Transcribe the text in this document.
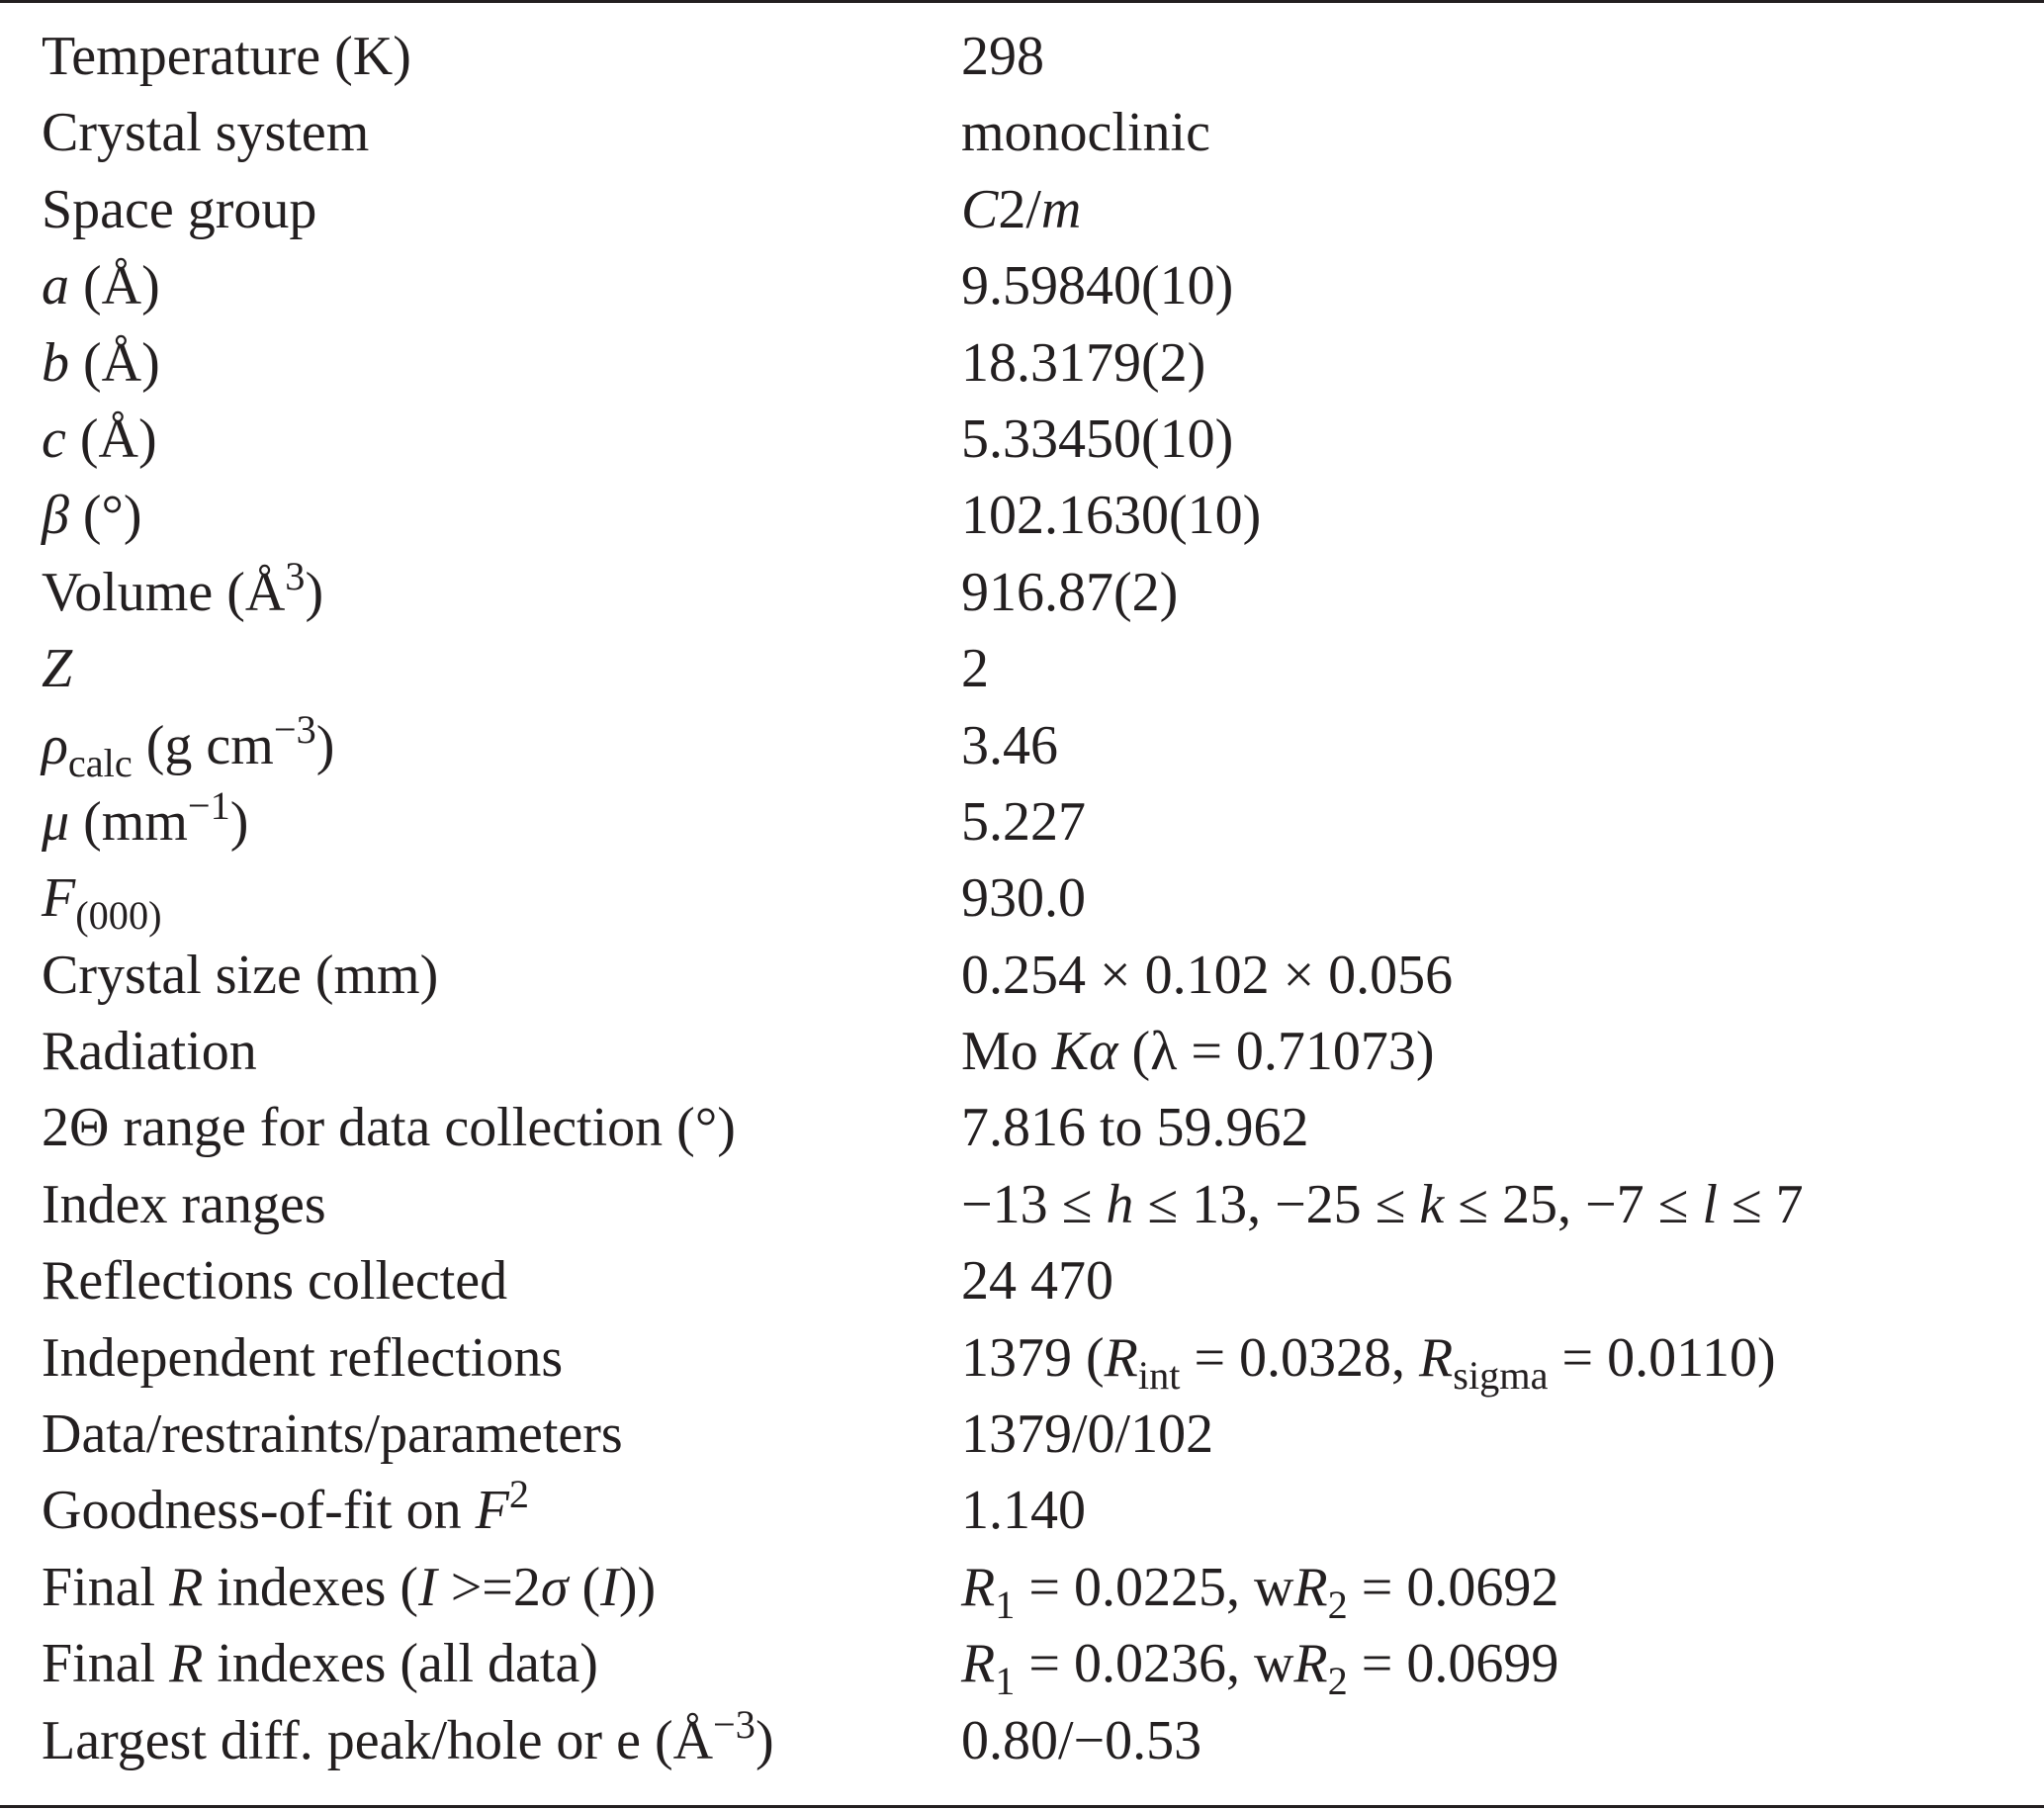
Temperature (K)	298
Crystal system	monoclinic
Space group	C2/m
a (Å)	9.59840(10)
b (Å)	18.3179(2)
c (Å)	5.33450(10)
β (°)	102.1630(10)
Volume $(Å^3)$	916.87(2)
Z	2
$\rho_{calc}$ (g $cm^{-3}$)	3.46
μ $(mm^{-1})$	5.227
$F_{(000)}$	930.0
Crystal size (mm)	0.254 × 0.102 × 0.056
Radiation	Mo Kα (λ = 0.71073)
2Θ range for data collection (°)	7.816 to 59.962
Index ranges	−13 ≤ h ≤ 13, −25 ≤ k ≤ 25, −7 ≤ l ≤ 7
Reflections collected	24 470
Independent reflections	1379 ($R_{int} = 0.0328$, $R_{sigma} = 0.0110$)
Data/restraints/parameters	1379/0/102
Goodness-of-fit on $F^2$	1.140
Final R indexes (I >=2σ (I))	$R_1 = 0.0225$, $wR_2 = 0.0692$
Final R indexes (all data)	$R_1 = 0.0236$, $wR_2 = 0.0699$
Largest diff. peak/hole or e $(Å^{-3})$	0.80/−0.53
